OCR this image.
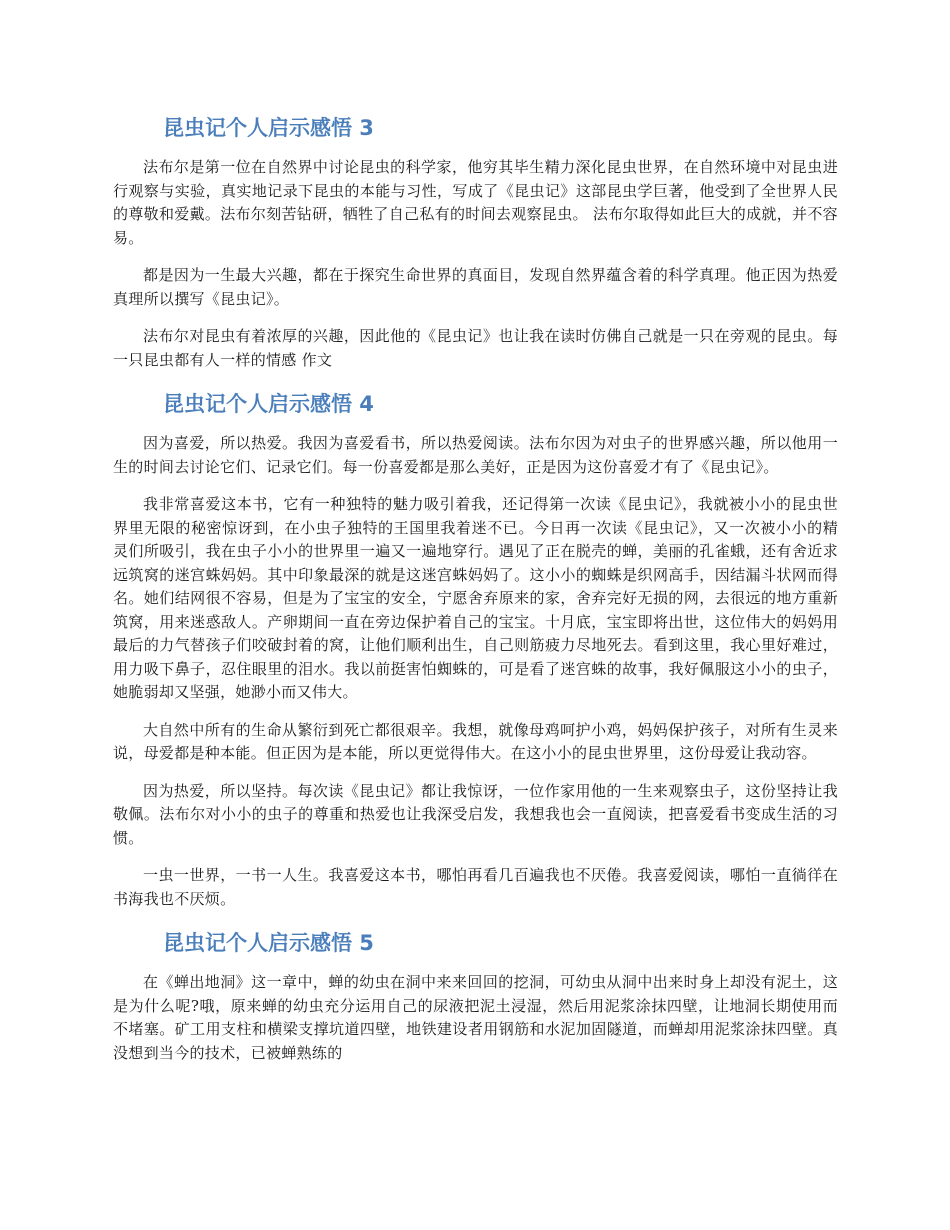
昆虫记个人启示感悟 3

法布尔是第一位在自然界中讨论昆虫的科学家，他穷其毕生精力深化昆虫世界，在自然环境中对昆虫进行观察与实验，真实地记录下昆虫的本能与习性，写成了《昆虫记》这部昆虫学巨著，他受到了全世界人民的尊敬和爱戴。法布尔刻苦钻研，牺牲了自己私有的时间去观察昆虫。 法布尔取得如此巨大的成就，并不容易。

都是因为一生最大兴趣，都在于探究生命世界的真面目，发现自然界蕴含着的科学真理。他正因为热爱真理所以撰写《昆虫记》。

法布尔对昆虫有着浓厚的兴趣，因此他的《昆虫记》也让我在读时仿佛自己就是一只在旁观的昆虫。每一只昆虫都有人一样的情感 作文

昆虫记个人启示感悟 4

因为喜爱，所以热爱。我因为喜爱看书，所以热爱阅读。法布尔因为对虫子的世界感兴趣，所以他用一生的时间去讨论它们、记录它们。每一份喜爱都是那么美好，正是因为这份喜爱才有了《昆虫记》。

我非常喜爱这本书，它有一种独特的魅力吸引着我，还记得第一次读《昆虫记》，我就被小小的昆虫世界里无限的秘密惊讶到，在小虫子独特的王国里我着迷不已。今日再一次读《昆虫记》，又一次被小小的精灵们所吸引，我在虫子小小的世界里一遍又一遍地穿行。遇见了正在脱壳的蝉，美丽的孔雀蛾，还有舍近求远筑窝的迷宫蛛妈妈。其中印象最深的就是这迷宫蛛妈妈了。这小小的蜘蛛是织网高手，因结漏斗状网而得名。她们结网很不容易，但是为了宝宝的安全，宁愿舍弃原来的家，舍弃完好无损的网，去很远的地方重新筑窝，用来迷惑敌人。产卵期间一直在旁边保护着自己的宝宝。十月底，宝宝即将出世，这位伟大的妈妈用最后的力气替孩子们咬破封着的窝，让他们顺利出生，自己则筋疲力尽地死去。看到这里，我心里好难过，用力吸下鼻子，忍住眼里的泪水。我以前挺害怕蜘蛛的，可是看了迷宫蛛的故事，我好佩服这小小的虫子，她脆弱却又坚强，她渺小而又伟大。

大自然中所有的生命从繁衍到死亡都很艰辛。我想，就像母鸡呵护小鸡，妈妈保护孩子，对所有生灵来说，母爱都是种本能。但正因为是本能，所以更觉得伟大。在这小小的昆虫世界里，这份母爱让我动容。

因为热爱，所以坚持。每次读《昆虫记》都让我惊讶，一位作家用他的一生来观察虫子，这份坚持让我敬佩。法布尔对小小的虫子的尊重和热爱也让我深受启发，我想我也会一直阅读，把喜爱看书变成生活的习惯。

一虫一世界，一书一人生。我喜爱这本书，哪怕再看几百遍我也不厌倦。我喜爱阅读，哪怕一直徜徉在书海我也不厌烦。

昆虫记个人启示感悟 5

在《蝉出地洞》这一章中，蝉的幼虫在洞中来来回回的挖洞，可幼虫从洞中出来时身上却没有泥土，这是为什么呢?哦，原来蝉的幼虫充分运用自己的尿液把泥土浸湿，然后用泥浆涂抹四壁，让地洞长期使用而不堵塞。矿工用支柱和横梁支撑坑道四壁，地铁建设者用钢筋和水泥加固隧道，而蝉却用泥浆涂抹四壁。真没想到当今的技术，已被蝉熟练的
